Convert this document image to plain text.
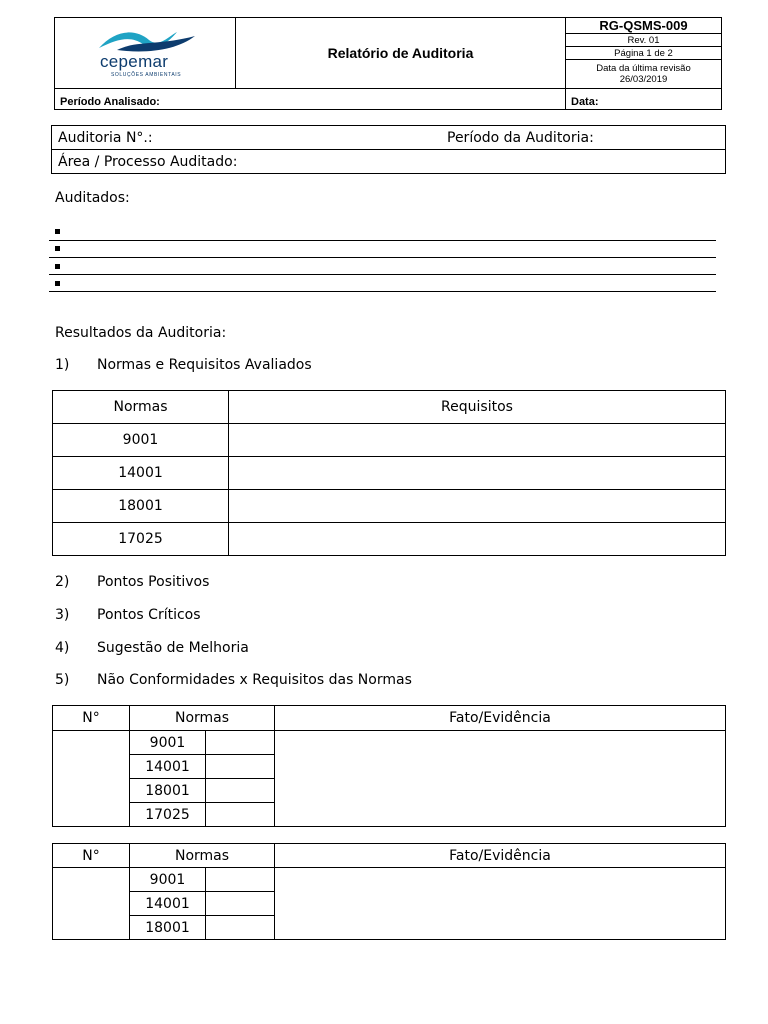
cepemar
SOLUÇÕES AMBIENTAIS	Relatório de Auditoria	RG-QSMS-009
		Rev. 01
		Página 1 de 2
		Data da última revisão
26/03/2019
Período Analisado:		Data:
Auditoria N°.:	Período da Auditoria:
Área / Processo Auditado:
Auditados:
Resultados da Auditoria:
1) Normas e Requisitos Avaliados
Normas	Requisitos
9001	
14001	
18001	
17025	
2) Pontos Positivos
3) Pontos Críticos
4) Sugestão de Melhoria
5) Não Conformidades x Requisitos das Normas
N°	Normas		Fato/Evidência
	9001		
	14001		
	18001		
	17025		
N°	Normas		Fato/Evidência
	9001		
	14001		
	18001		
